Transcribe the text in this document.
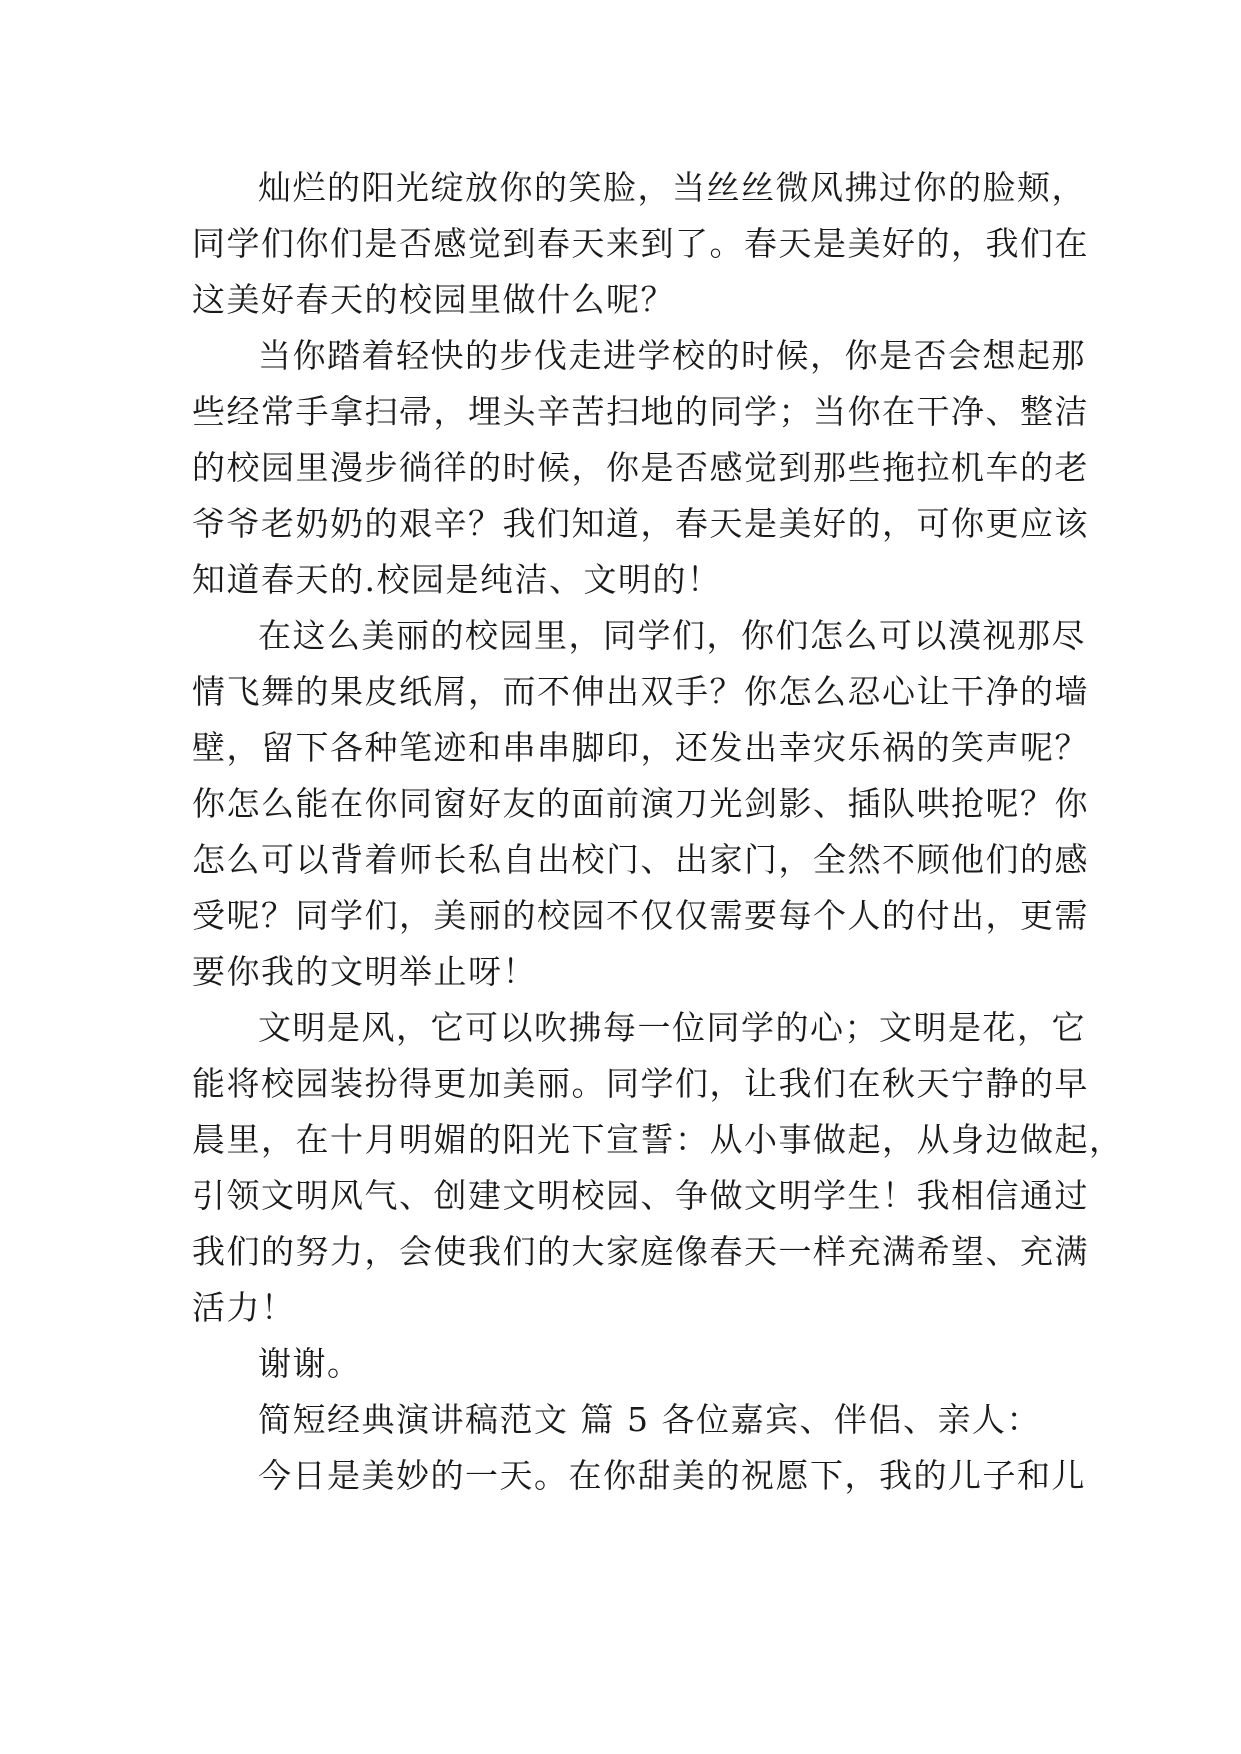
灿烂的阳光绽放你的笑脸，当丝丝微风拂过你的脸颊，
同学们你们是否感觉到春天来到了。春天是美好的，我们在
这美好春天的校园里做什么呢？
当你踏着轻快的步伐走进学校的时候，你是否会想起那
些经常手拿扫帚，埋头辛苦扫地的同学；当你在干净、整洁
的校园里漫步徜徉的时候，你是否感觉到那些拖拉机车的老
爷爷老奶奶的艰辛？我们知道，春天是美好的，可你更应该
知道春天的.校园是纯洁、文明的！
在这么美丽的校园里，同学们，你们怎么可以漠视那尽
情飞舞的果皮纸屑，而不伸出双手？你怎么忍心让干净的墙
壁，留下各种笔迹和串串脚印，还发出幸灾乐祸的笑声呢？
你怎么能在你同窗好友的面前演刀光剑影、插队哄抢呢？你
怎么可以背着师长私自出校门、出家门，全然不顾他们的感
受呢？同学们，美丽的校园不仅仅需要每个人的付出，更需
要你我的文明举止呀！
文明是风，它可以吹拂每一位同学的心；文明是花，它
能将校园装扮得更加美丽。同学们，让我们在秋天宁静的早
晨里，在十月明媚的阳光下宣誓：从小事做起，从身边做起，
引领文明风气、创建文明校园、争做文明学生！我相信通过
我们的努力，会使我们的大家庭像春天一样充满希望、充满
活力！
谢谢。
简短经典演讲稿范文 篇 5 各位嘉宾、伴侣、亲人：
今日是美妙的一天。在你甜美的祝愿下，我的儿子和儿
